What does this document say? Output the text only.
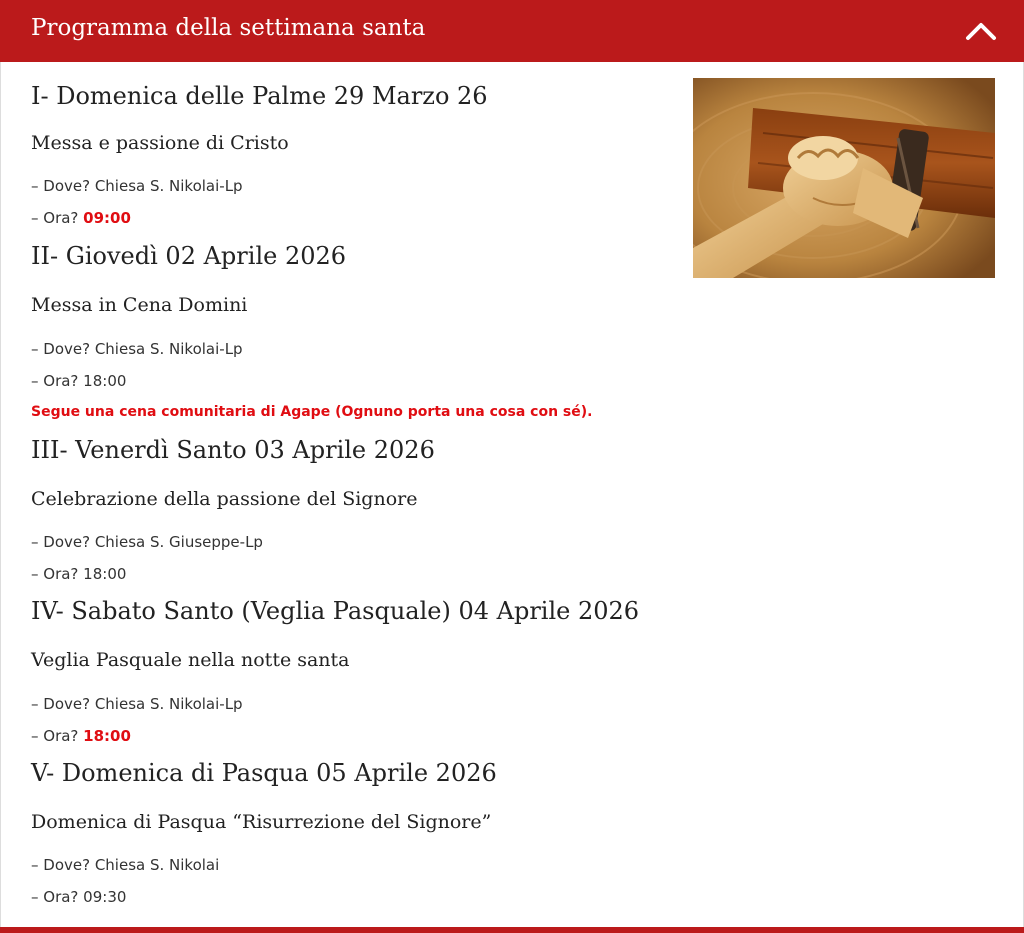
Programma della settimana santa
I- Domenica delle Palme 29 Marzo 26
Messa e passione di Cristo
– Dove? Chiesa S. Nikolai-Lp
– Ora? 09:00
II- Giovedì 02 Aprile 2026
Messa in Cena Domini
– Dove? Chiesa S. Nikolai-Lp
– Ora? 18:00
Segue una cena comunitaria di Agape (Ognuno porta una cosa con sé).
III- Venerdì Santo 03 Aprile 2026
Celebrazione della passione del Signore
– Dove? Chiesa S. Giuseppe-Lp
– Ora? 18:00
IV- Sabato Santo (Veglia Pasquale) 04 Aprile 2026
Veglia Pasquale nella notte santa
– Dove? Chiesa S. Nikolai-Lp
– Ora? 18:00
V- Domenica di Pasqua 05 Aprile 2026
Domenica di Pasqua “Risurrezione del Signore”
– Dove? Chiesa S. Nikolai
– Ora? 09:30
